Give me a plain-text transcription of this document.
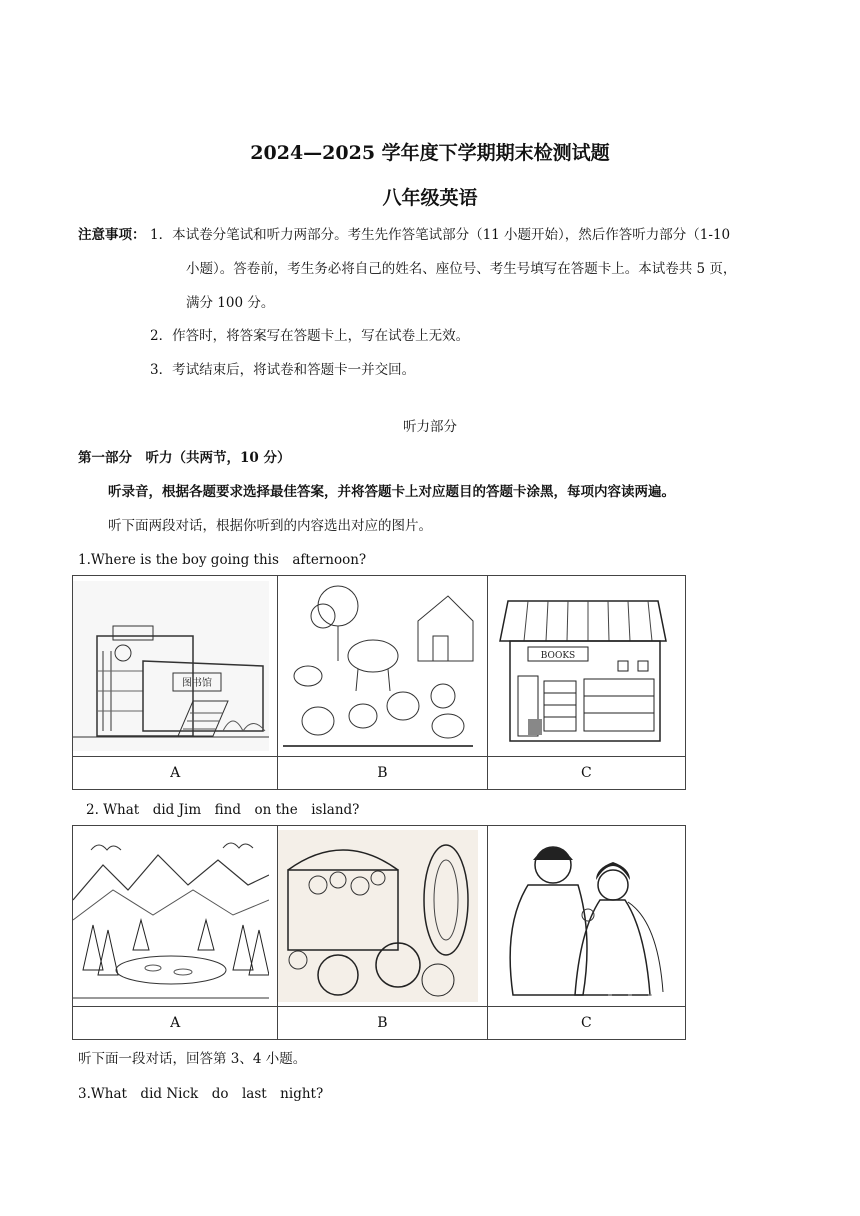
2024—2025 学年度下学期期末检测试题
八年级英语
注意事项： 1．本试卷分笔试和听力两部分。考生先作答笔试部分（11 小题开始），然后作答听力部分（1-10
小题）。答卷前，考生务必将自己的姓名、座位号、考生号填写在答题卡上。本试卷共 5 页，
满分 100 分。
2．作答时，将答案写在答题卡上，写在试卷上无效。
3．考试结束后，将试卷和答题卡一并交回。
听力部分
第一部分　听力（共两节，10 分）
听录音，根据各题要求选择最佳答案，并将答题卡上对应题目的答题卡涂黑，每项内容读两遍。
听下面两段对话，根据你听到的内容选出对应的图片。
1.Where is the boy going this　afternoon?
图书馆		BOOKS

A	B	C
2. What　did Jim　find　on the　island?

A	B	C
听下面一段对话，回答第 3、4 小题。
3.What　did Nick　do　last　night?
